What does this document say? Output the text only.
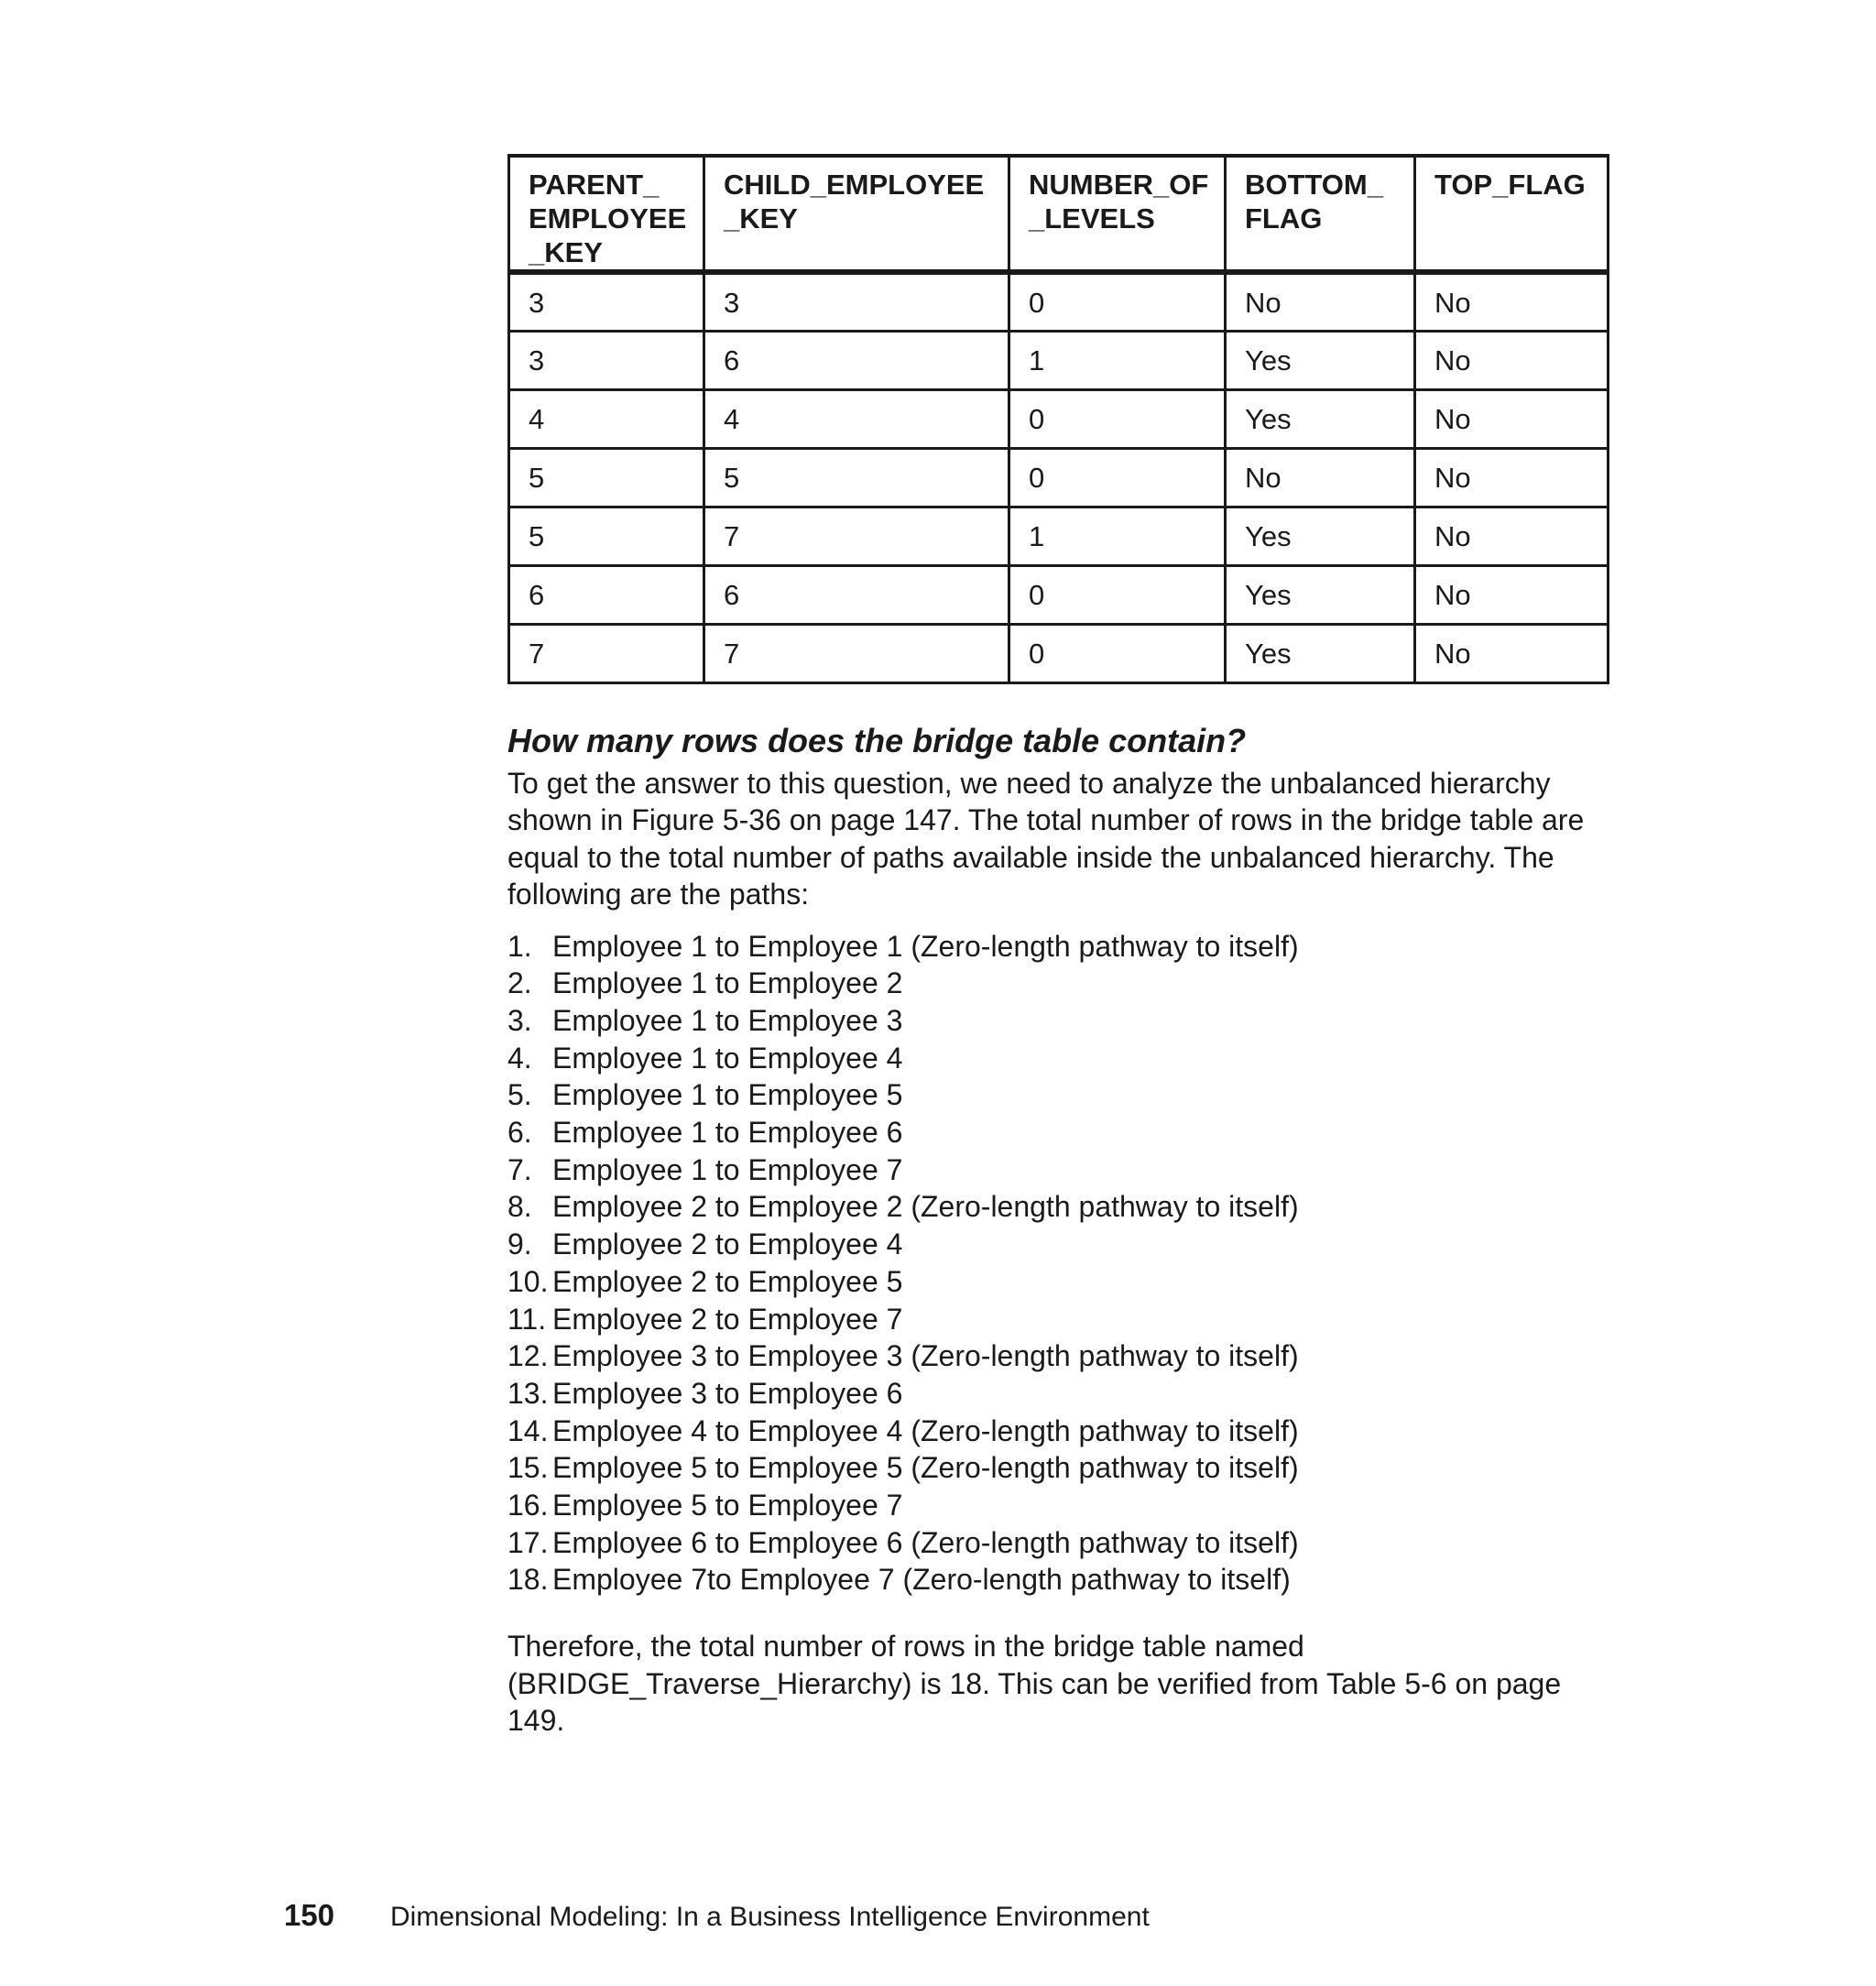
PARENT_ EMPLOYEE _KEY	CHILD_EMPLOYEE _KEY	NUMBER_OF _LEVELS	BOTTOM_ FLAG	TOP_FLAG
3	3	0	No	No
3	6	1	Yes	No
4	4	0	Yes	No
5	5	0	No	No
5	7	1	Yes	No
6	6	0	Yes	No
7	7	0	Yes	No
How many rows does the bridge table contain?

To get the answer to this question, we need to analyze the unbalanced hierarchy shown in Figure 5-36 on page 147. The total number of rows in the bridge table are equal to the total number of paths available inside the unbalanced hierarchy. The following are the paths:

1. Employee 1 to Employee 1 (Zero-length pathway to itself)
2. Employee 1 to Employee 2
3. Employee 1 to Employee 3
4. Employee 1 to Employee 4
5. Employee 1 to Employee 5
6. Employee 1 to Employee 6
7. Employee 1 to Employee 7
8. Employee 2 to Employee 2 (Zero-length pathway to itself)
9. Employee 2 to Employee 4
10. Employee 2 to Employee 5
11. Employee 2 to Employee 7
12. Employee 3 to Employee 3 (Zero-length pathway to itself)
13. Employee 3 to Employee 6
14. Employee 4 to Employee 4 (Zero-length pathway to itself)
15. Employee 5 to Employee 5 (Zero-length pathway to itself)
16. Employee 5 to Employee 7
17. Employee 6 to Employee 6 (Zero-length pathway to itself)
18. Employee 7to Employee 7 (Zero-length pathway to itself)

Therefore, the total number of rows in the bridge table named (BRIDGE_Traverse_Hierarchy) is 18. This can be verified from Table 5-6 on page 149.

150	Dimensional Modeling: In a Business Intelligence Environment
